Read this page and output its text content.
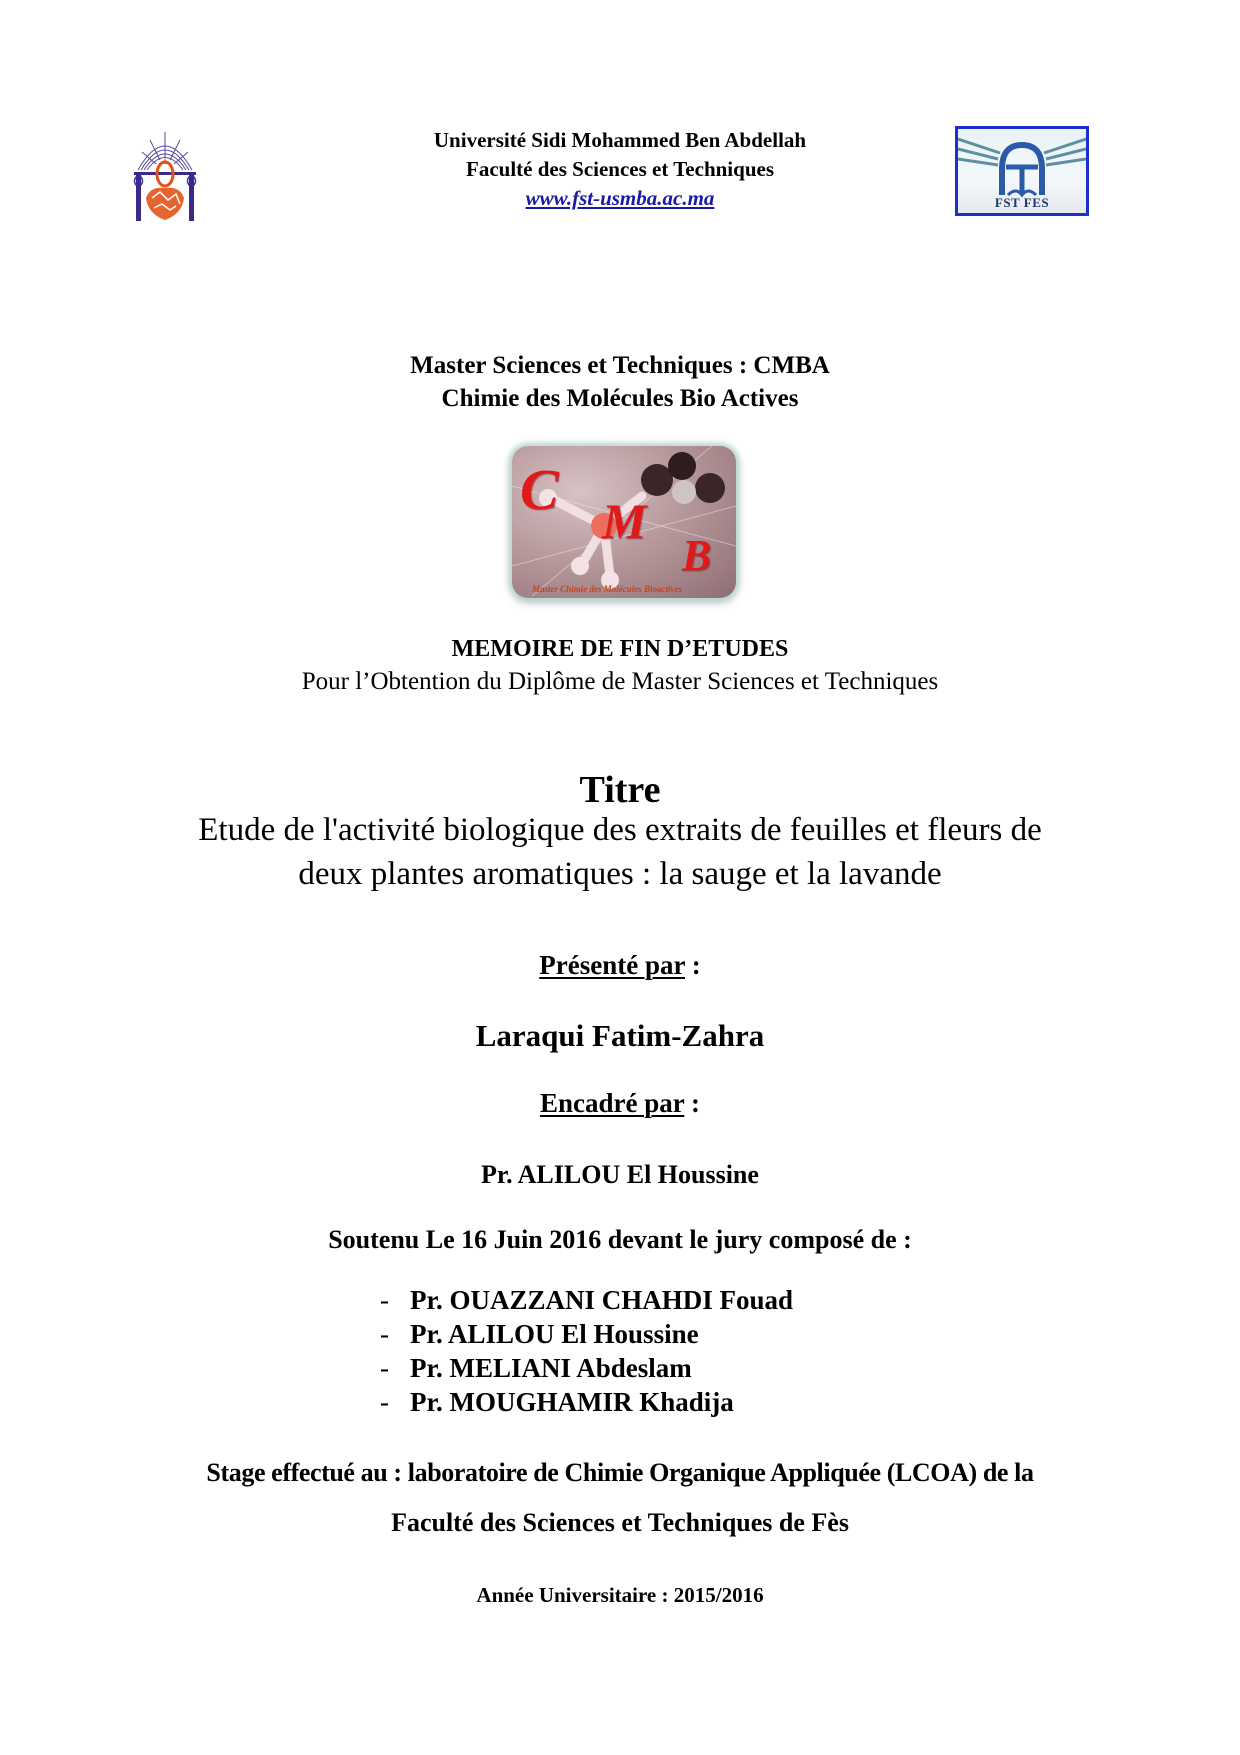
Université Sidi Mohammed Ben Abdellah
Faculté des Sciences et Techniques
www.fst-usmba.ac.ma	FST FES
Master Sciences et Techniques : CMBA
Chimie des Molécules Bio Actives
C M
B
Master Chimie des Molécules Bioactives
MEMOIRE DE FIN D’ETUDES
Pour l’Obtention du Diplôme de Master Sciences et Techniques
Titre
Etude de l'activité biologique des extraits de feuilles et fleurs de
deux plantes aromatiques : la sauge et la lavande
Présenté par :
Laraqui Fatim-Zahra
Encadré par :
Pr. ALILOU El Houssine
Soutenu Le 16 Juin 2016 devant le jury composé de :
- Pr. OUAZZANI CHAHDI Fouad
- Pr. ALILOU El Houssine
- Pr. MELIANI Abdeslam
- Pr. MOUGHAMIR Khadija
Stage effectué au : laboratoire de Chimie Organique Appliquée (LCOA) de la
Faculté des Sciences et Techniques de Fès
Année Universitaire : 2015/2016
